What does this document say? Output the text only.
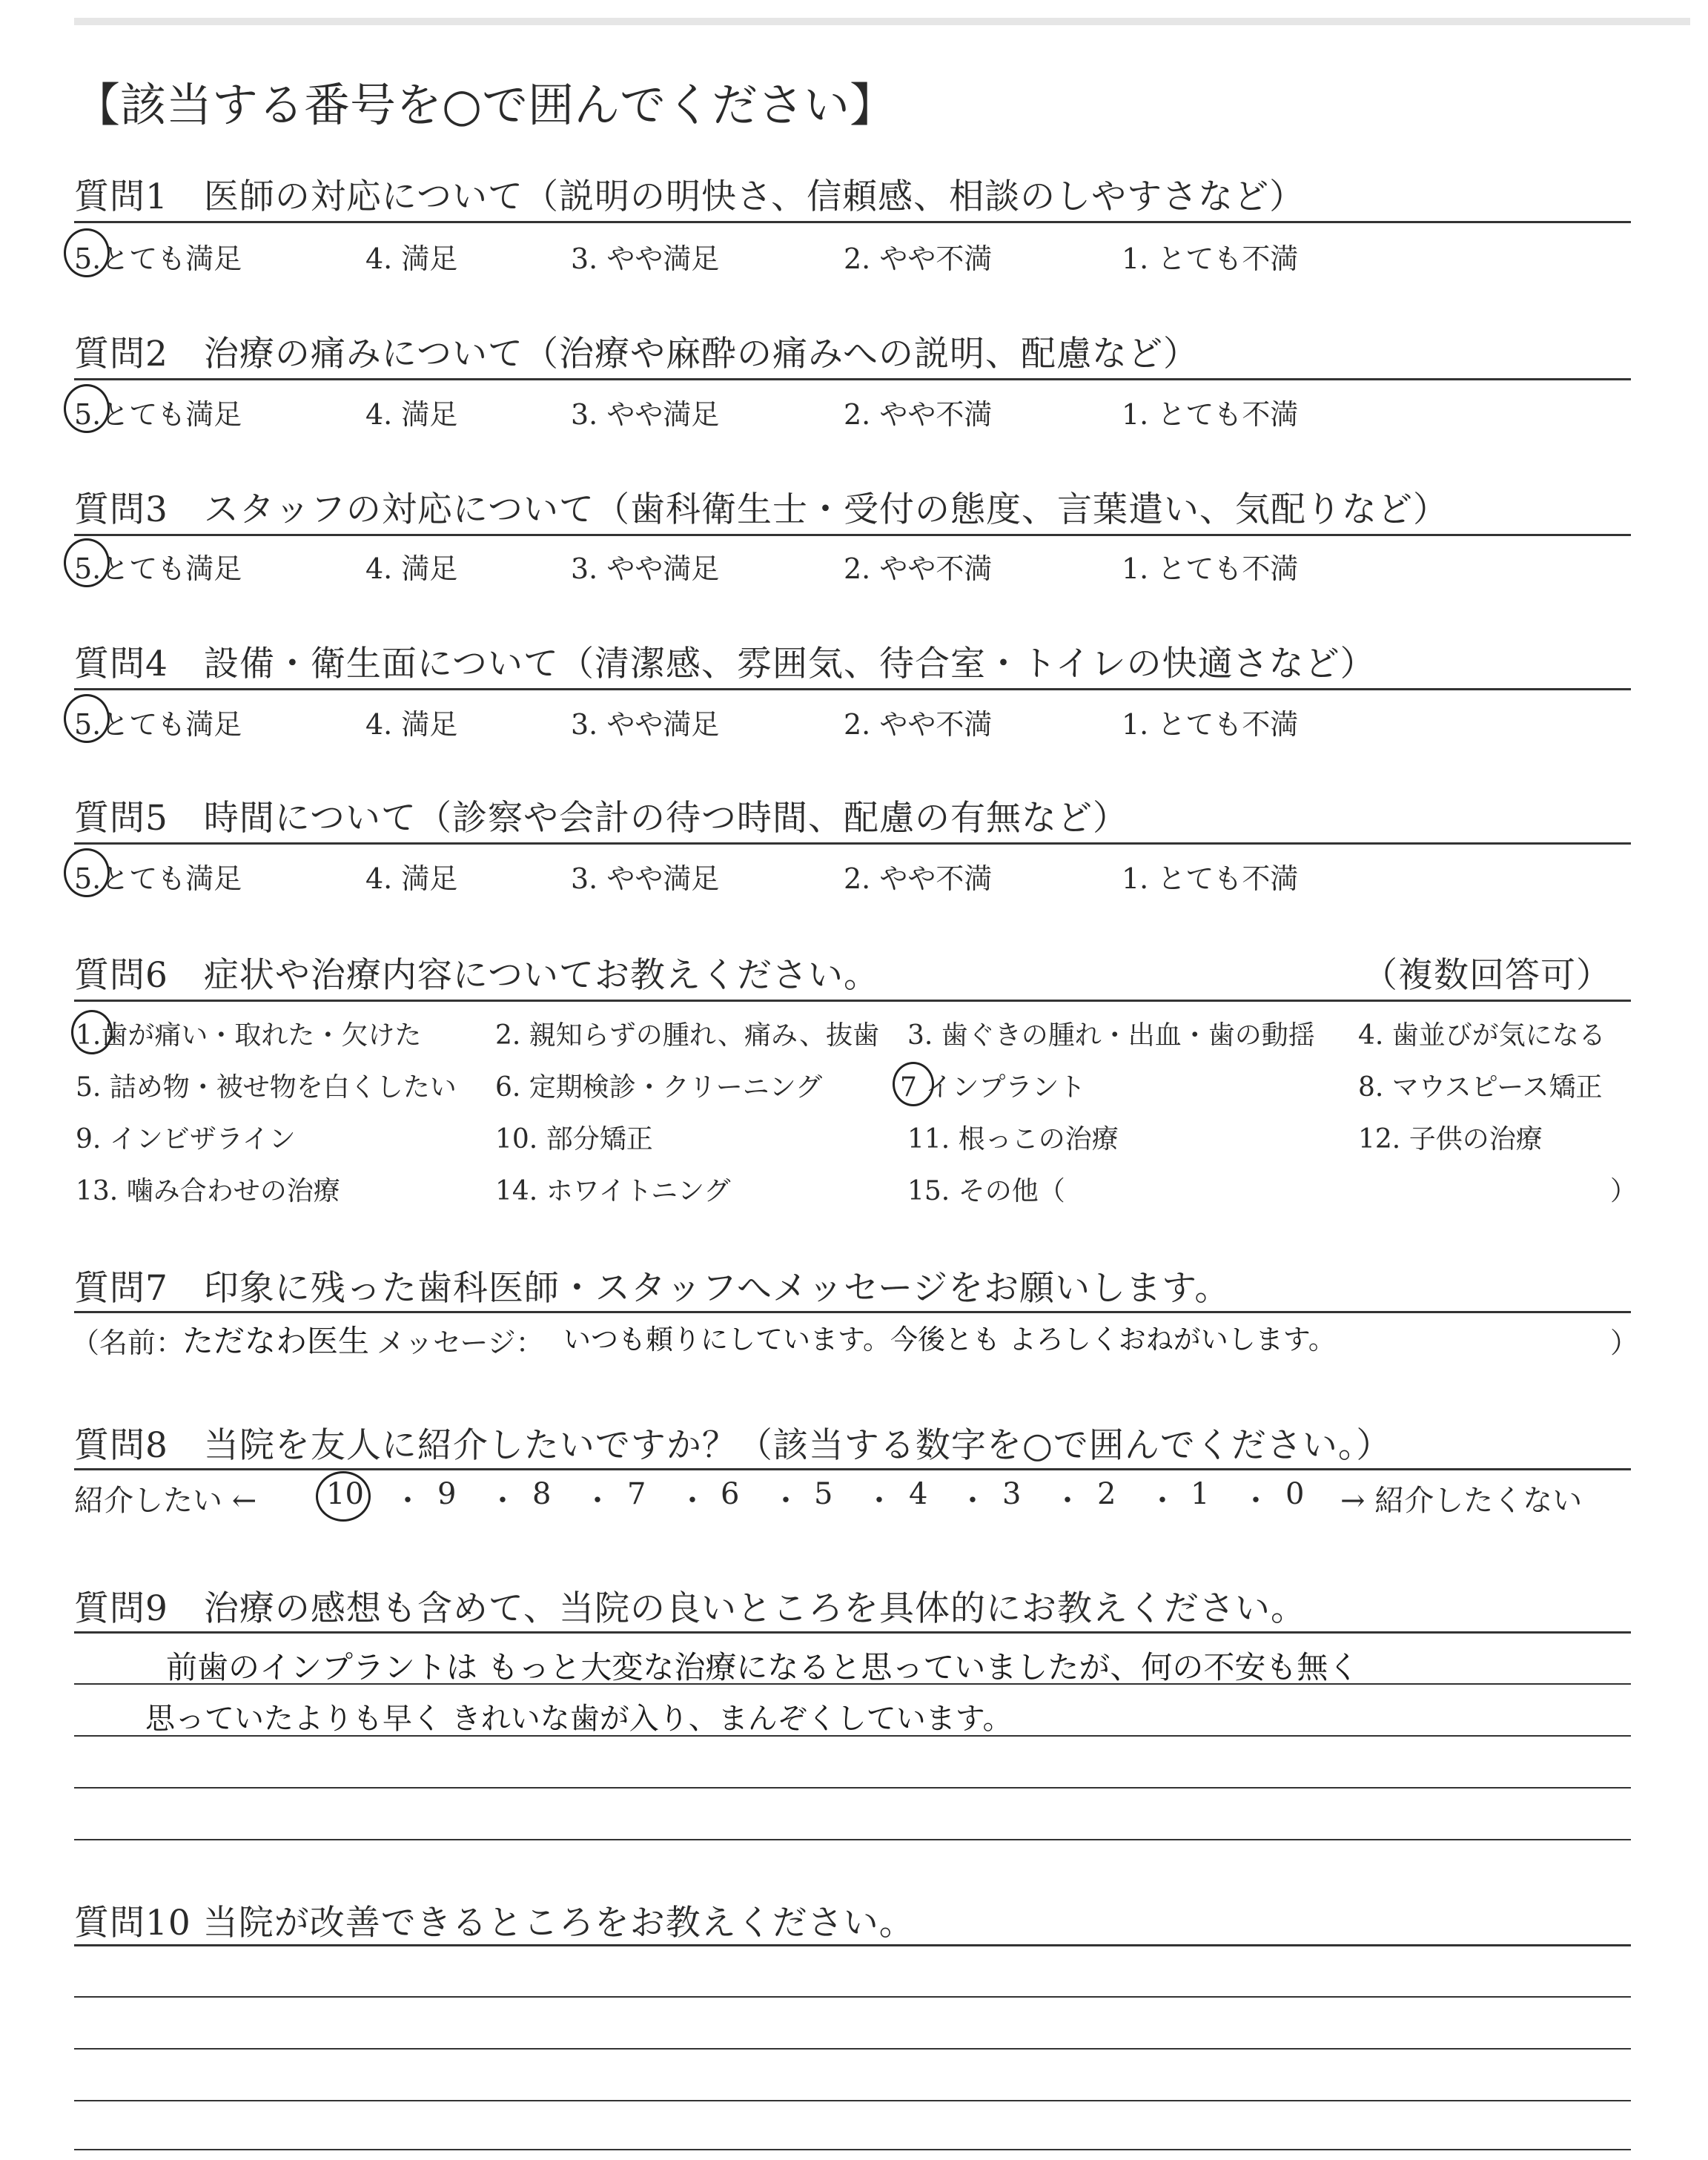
【該当する番号を○で囲んでください】
質問1　医師の対応について（説明の明快さ、信頼感、相談のしやすさなど）
5.とても満足	4. 満足	3. やや満足	2. やや不満	1. とても不満
質問2　治療の痛みについて（治療や麻酔の痛みへの説明、配慮など）
5.とても満足	4. 満足	3. やや満足	2. やや不満	1. とても不満
質問3　スタッフの対応について（歯科衛生士・受付の態度、言葉遣い、気配りなど）
5.とても満足	4. 満足	3. やや満足	2. やや不満	1. とても不満
質問4　設備・衛生面について（清潔感、雰囲気、待合室・トイレの快適さなど）
5.とても満足	4. 満足	3. やや満足	2. やや不満	1. とても不満
質問5　時間について（診察や会計の待つ時間、配慮の有無など）
5.とても満足	4. 満足	3. やや満足	2. やや不満	1. とても不満
質問6　症状や治療内容についてお教えください。	（複数回答可）
1.歯が痛い・取れた・欠けた	2. 親知らずの腫れ、痛み、抜歯 3. 歯ぐきの腫れ・出血・歯の動揺 4. 歯並びが気になる
5. 詰め物・被せ物を白くしたい 6. 定期検診・クリーニング	7 インプラント	8. マウスピース矯正
9. インビザライン	10. 部分矯正	11. 根っこの治療	12. 子供の治療
13. 噛み合わせの治療	14. ホワイトニング	15. その他（	）
質問7　印象に残った歯科医師・スタッフへメッセージをお願いします。
（名前：
ただなわ医生 メッセージ： いつも頼りにしています。今後とも よろしくおねがいします。	）
質問8　当院を友人に紹介したいですか？（該当する数字を○で囲んでください。）
紹介したい ←	→ 紹介したくない
10 ・ 9 ・ 8 ・ 7 ・ 6 ・ 5 ・ 4 ・ 3 ・ 2 ・ 1 ・ 0
質問9　治療の感想も含めて、当院の良いところを具体的にお教えください。
前歯のインプラントは もっと大変な治療になると思っていましたが、何の不安も無く
思っていたよりも早く きれいな歯が入り、まんぞくしています。
質問10 当院が改善できるところをお教えください。
